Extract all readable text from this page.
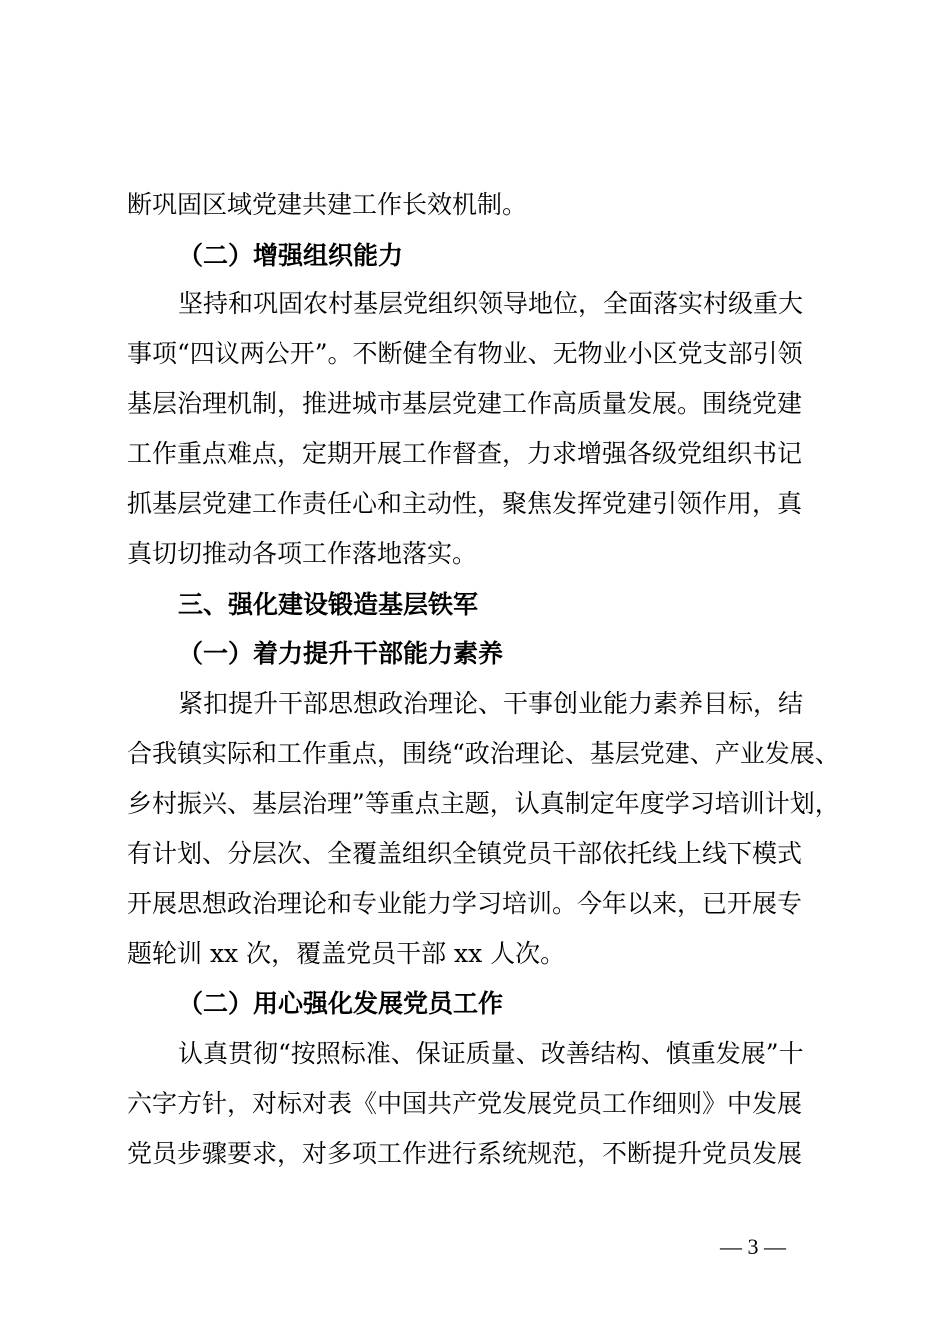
断巩固区域党建共建工作长效机制。
（二）增强组织能力
坚持和巩固农村基层党组织领导地位，全面落实村级重大
事项“四议两公开”。不断健全有物业、无物业小区党支部引领
基层治理机制，推进城市基层党建工作高质量发展。围绕党建
工作重点难点，定期开展工作督查，力求增强各级党组织书记
抓基层党建工作责任心和主动性，聚焦发挥党建引领作用，真
真切切推动各项工作落地落实。
三、强化建设锻造基层铁军
（一）着力提升干部能力素养
紧扣提升干部思想政治理论、干事创业能力素养目标，结
合我镇实际和工作重点，围绕“政治理论、基层党建、产业发展、
乡村振兴、基层治理”等重点主题，认真制定年度学习培训计划，
有计划、分层次、全覆盖组织全镇党员干部依托线上线下模式
开展思想政治理论和专业能力学习培训。今年以来，已开展专
题轮训 xx 次，覆盖党员干部 xx 人次。
（二）用心强化发展党员工作
认真贯彻“按照标准、保证质量、改善结构、慎重发展”十
六字方针，对标对表《中国共产党发展党员工作细则》中发展
党员步骤要求，对多项工作进行系统规范，不断提升党员发展
— 3 —
